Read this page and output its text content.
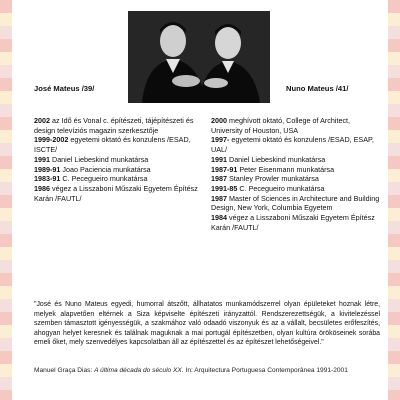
José Mateus /39/	Nuno Mateus /41/

2002 az Idő és Vonal c. építészeti, tájépítészeti és design televíziós magazin szerkesztője

1999-2002 egyetemi oktató és konzulens /ESAD, ISCTE/

1991 Daniel Liebeskind munkatársa

1989-91 Joao Paciencia munkatársa

1983-91 C. Pecegueiro munkatársa

1986 végez a Lisszaboni Műszaki Egyetem Építész Karán /FAUTL/

2000 meghívott oktató, College of Architect, University of Houston, USA

1997- egyetemi oktató és konzulens /ESAD, ESAP, UAL/

1991 Daniel Liebeskind munkatársa

1987-91 Peter Eisenmann munkatársa

1987 Stanley Prowler munkatársa

1991-85 C. Pecegueiro munkatársa

1987 Master of Sciences in Architecture and Building Design, New York, Columbia Egyetem

1984 végez a Lisszaboni Műszaki Egyetem Építész Karán /FAUTL/

"José és Nuno Mateus egyedi, humorral átszőtt, állhatatos munkamódszerrel olyan épületeket hoznak létre, melyek alapvetően eltérnek a Siza képviselte építészeti irányzattól. Rendszerezettségük, a kivitelezéssel szemben támasztott igényességük, a szakmához való odaadó viszonyuk és az a vállalt, becsületes erőfeszítés, ahogyan helyet keresnek és találnak maguknak a mai portugál építészetben, olyan kultúra örököseinek sorába emeli őket, mely szenvedélyes kapcsolatban áll az építészettel és az építészet lehetőségeivel."

Manuel Graça Dias: A última década do século XX. In: Arquitectura Portuguesa Contemporânea 1991-2001
